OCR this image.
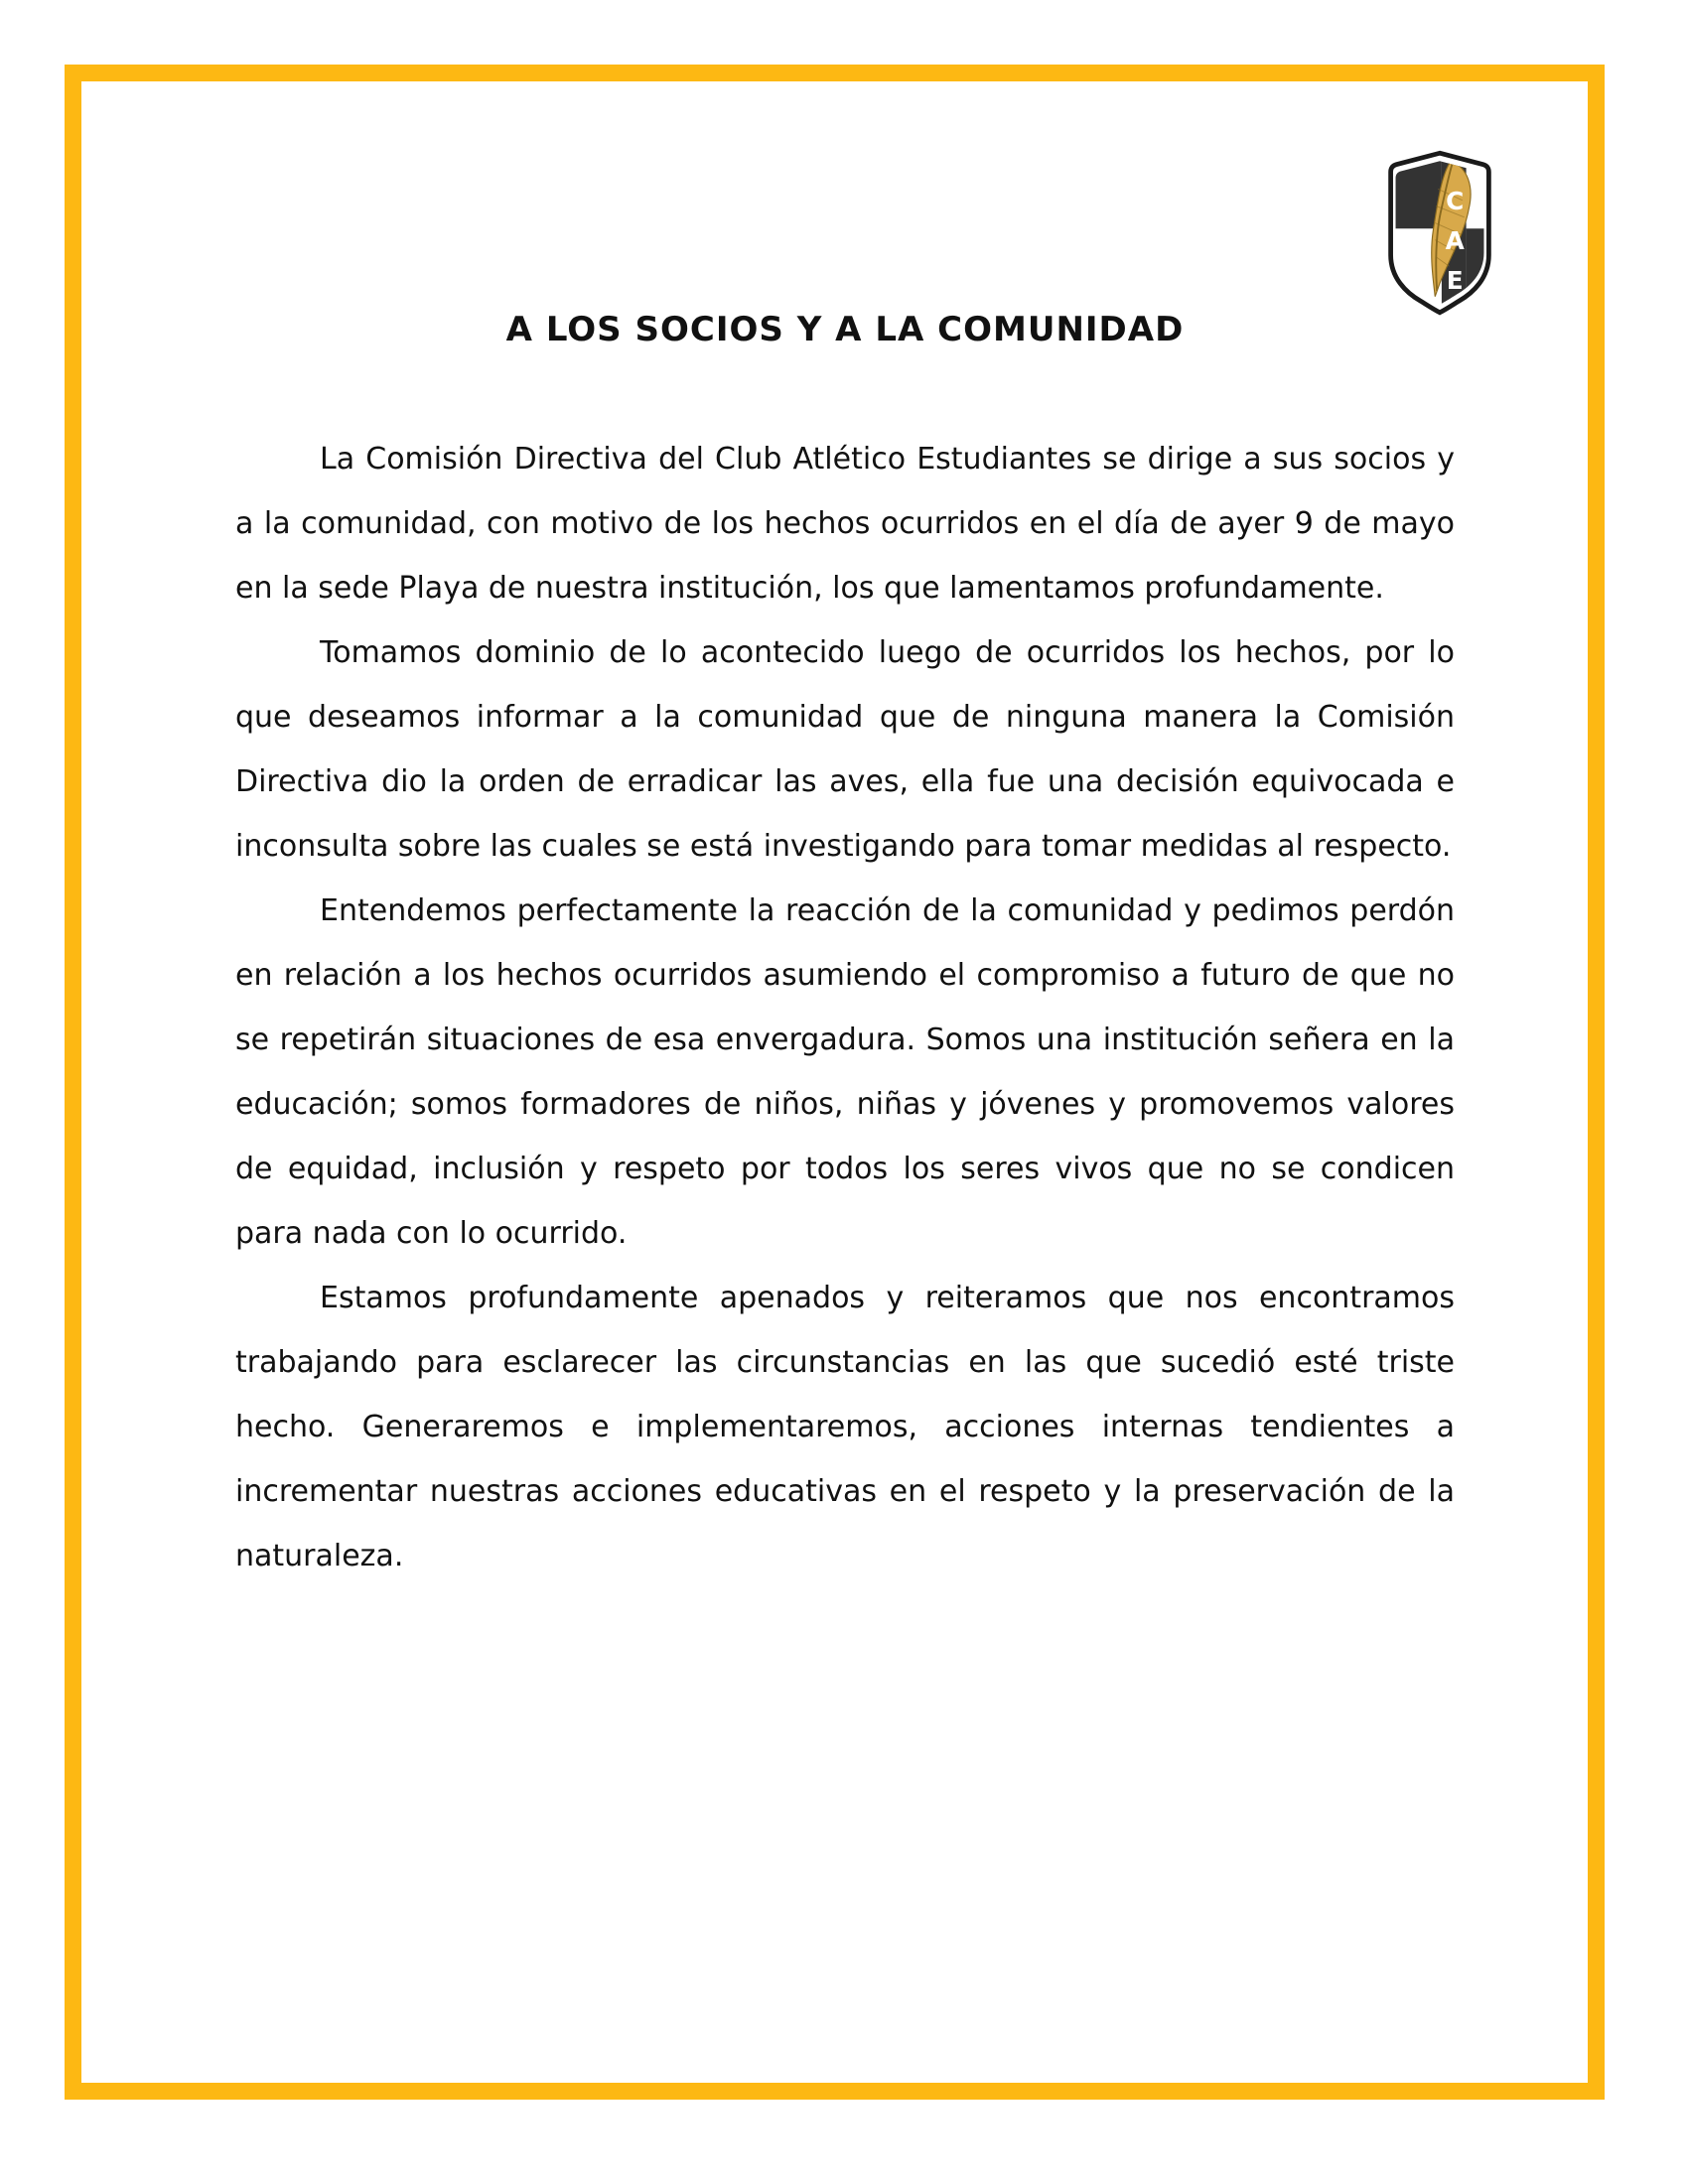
C
A
E
A LOS SOCIOS Y A LA COMUNIDAD

La Comisión Directiva del Club Atlético Estudiantes se dirige a sus socios y a la comunidad, con motivo de los hechos ocurridos en el día de ayer 9 de mayo en la sede Playa de nuestra institución, los que lamentamos profundamente.

Tomamos dominio de lo acontecido luego de ocurridos los hechos, por lo que deseamos informar a la comunidad que de ninguna manera la Comisión Directiva dio la orden de erradicar las aves, ella fue una decisión equivocada e inconsulta sobre las cuales se está investigando para tomar medidas al respecto.

Entendemos perfectamente la reacción de la comunidad y pedimos perdón en relación a los hechos ocurridos asumiendo el compromiso a futuro de que no se repetirán situaciones de esa envergadura. Somos una institución señera en la educación; somos formadores de niños, niñas y jóvenes y promovemos valores de equidad, inclusión y respeto por todos los seres vivos que no se condicen para nada con lo ocurrido.

Estamos profundamente apenados y reiteramos que nos encontramos trabajando para esclarecer las circunstancias en las que sucedió esté triste hecho. Generaremos e implementaremos, acciones internas tendientes a incrementar nuestras acciones educativas en el respeto y la preservación de la naturaleza.
